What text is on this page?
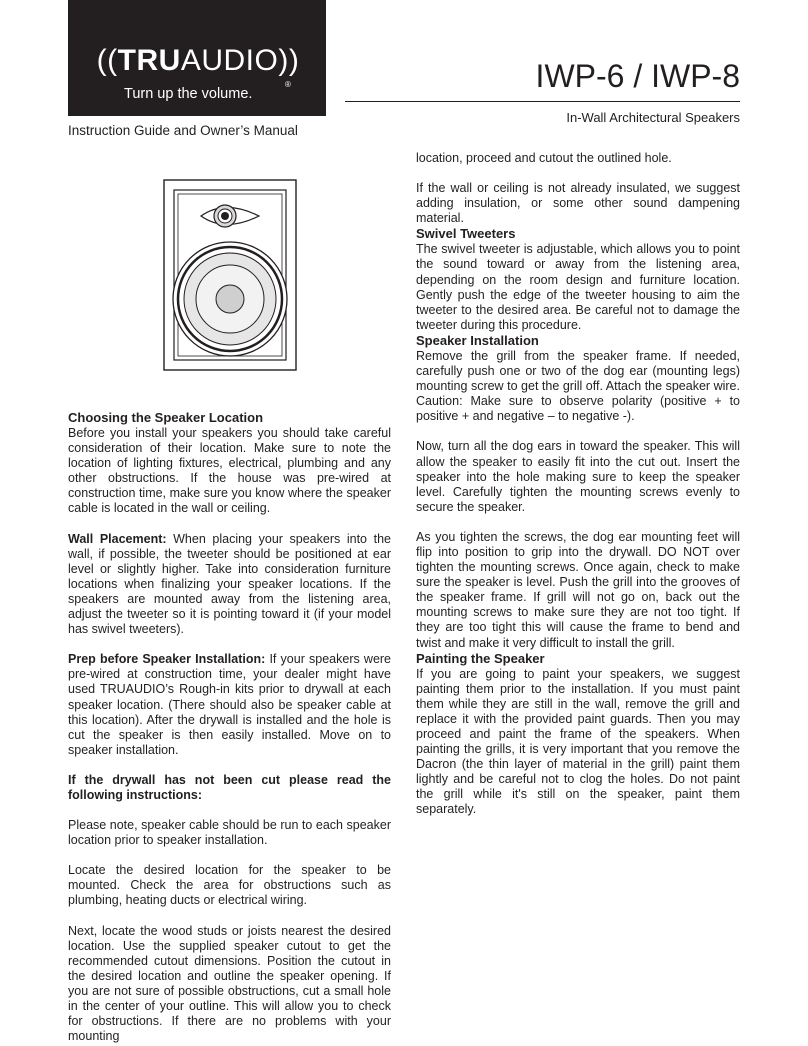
((TRUAUDIO))
Turn up the volume.
®	IWP-6 / IWP-8
In-Wall Architectural Speakers
Instruction Guide and Owner’s Manual
Choosing the Speaker Location

Before you install your speakers you should take careful consideration of their location. Make sure to note the location of lighting fixtures, electrical, plumbing and any other obstructions. If the house was pre-wired at construction time, make sure you know where the speaker cable is located in the wall or ceiling.

Wall Placement: When placing your speakers into the wall, if possible, the tweeter should be positioned at ear level or slightly higher. Take into consideration furniture locations when finalizing your speaker locations. If the speakers are mounted away from the listening area, adjust the tweeter so it is pointing toward it (if your model has swivel tweeters).

Prep before Speaker Installation: If your speakers were pre-wired at construction time, your dealer might have used TRUAUDIO’s Rough-in kits prior to drywall at each speaker location. (There should also be speaker cable at this location). After the drywall is installed and the hole is cut the speaker is then easily installed. Move on to speaker installation.

If the drywall has not been cut please read the following instructions:

Please note, speaker cable should be run to each speaker location prior to speaker installation.

Locate the desired location for the speaker to be mounted. Check the area for obstructions such as plumbing, heating ducts or electrical wiring.

Next, locate the wood studs or joists nearest the desired location. Use the supplied speaker cutout to get the recommended cutout dimensions. Position the cutout in the desired location and outline the speaker opening. If you are not sure of possible obstructions, cut a small hole in the center of your outline. This will allow you to check for obstructions. If there are no problems with your mounting

location, proceed and cutout the outlined hole.

If the wall or ceiling is not already insulated, we suggest adding insulation, or some other sound dampening material.

Swivel Tweeters

The swivel tweeter is adjustable, which allows you to point the sound toward or away from the listening area, depending on the room design and furniture location. Gently push the edge of the tweeter housing to aim the tweeter to the desired area. Be careful not to damage the tweeter during this procedure.

Speaker Installation

Remove the grill from the speaker frame. If needed, carefully push one or two of the dog ear (mounting legs) mounting screw to get the grill off. Attach the speaker wire. Caution: Make sure to observe polarity (positive + to positive + and negative – to negative -).

Now, turn all the dog ears in toward the speaker. This will allow the speaker to easily fit into the cut out. Insert the speaker into the hole making sure to keep the speaker level. Carefully tighten the mounting screws evenly to secure the speaker.

As you tighten the screws, the dog ear mounting feet will flip into position to grip into the drywall. DO NOT over tighten the mounting screws. Once again, check to make sure the speaker is level. Push the grill into the grooves of the speaker frame. If grill will not go on, back out the mounting screws to make sure they are not too tight. If they are too tight this will cause the frame to bend and twist and make it very difficult to install the grill.

Painting the Speaker

If you are going to paint your speakers, we suggest painting them prior to the installation. If you must paint them while they are still in the wall, remove the grill and replace it with the provided paint guards. Then you may proceed and paint the frame of the speakers. When painting the grills, it is very important that you remove the Dacron (the thin layer of material in the grill) paint them lightly and be careful not to clog the holes. Do not paint the grill while it's still on the speaker, paint them separately.
